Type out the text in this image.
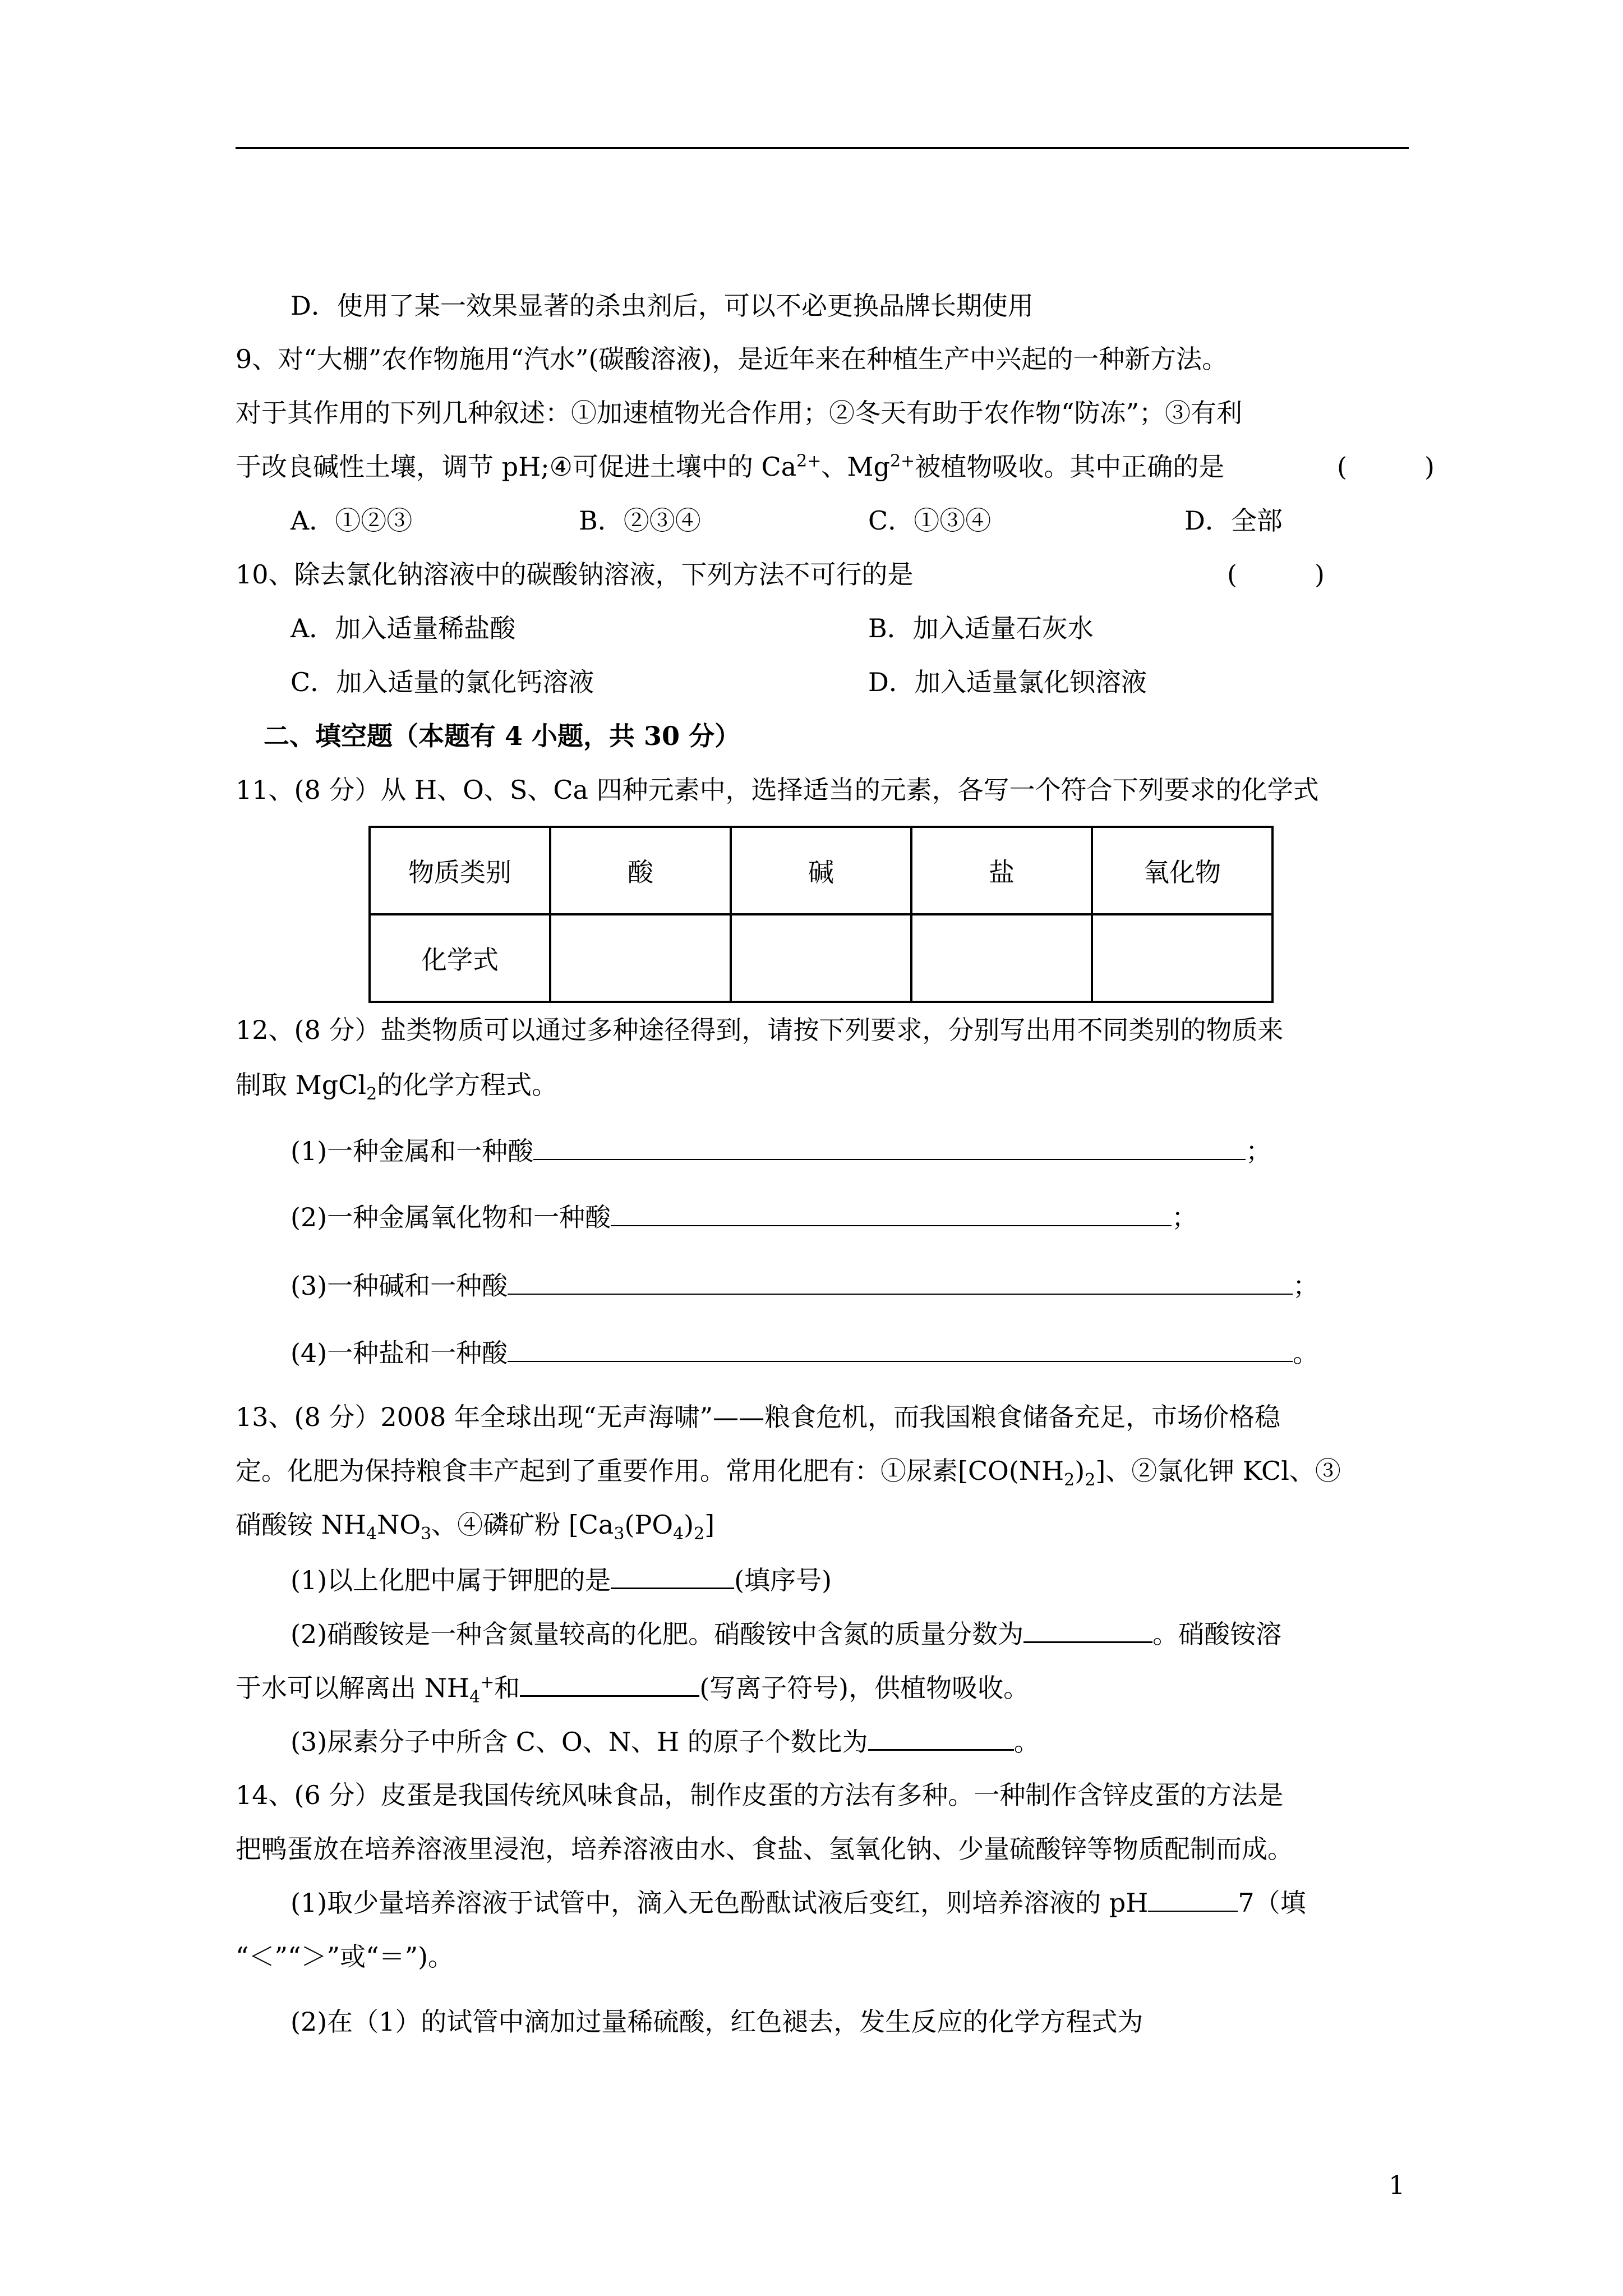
D．使用了某一效果显著的杀虫剂后，可以不必更换品牌长期使用
9、对“大棚”农作物施用“汽水”(碳酸溶液)，是近年来在种植生产中兴起的一种新方法。
对于其作用的下列几种叙述：①加速植物光合作用；②冬天有助于农作物“防冻”；③有利
于改良碱性土壤，调节 pH;④可促进土壤中的 $Ca^{2+}$、$Mg^{2+}$被植物吸收。其中正确的是	(　　　)
A．①②③	B．②③④	C．①③④	D．全部
10、除去氯化钠溶液中的碳酸钠溶液，下列方法不可行的是	(　　　)
A．加入适量稀盐酸	B．加入适量石灰水
C．加入适量的氯化钙溶液	D．加入适量氯化钡溶液
二、填空题（本题有 4 小题，共 30 分）
11、(8 分）从 H、O、S、Ca 四种元素中，选择适当的元素，各写一个符合下列要求的化学式
物质类别	酸	碱	盐	氧化物
化学式				
12、(8 分）盐类物质可以通过多种途径得到，请按下列要求，分别写出用不同类别的物质来
制取 MgCl$_2$的化学方程式。
(1)一种金属和一种酸	；
(2)一种金属氧化物和一种酸	；
(3)一种碱和一种酸	；
(4)一种盐和一种酸	。
13、(8 分）2008 年全球出现“无声海啸”——粮食危机，而我国粮食储备充足，市场价格稳
定。化肥为保持粮食丰产起到了重要作用。常用化肥有：①尿素$[CO(NH_2)_2]$、②氯化钾 KCl、③
硝酸铵 $NH_4NO_3$、④磷矿粉 $[Ca_3(PO_4)_2]$
(1)以上化肥中属于钾肥的是	(填序号)
(2)硝酸铵是一种含氮量较高的化肥。硝酸铵中含氮的质量分数为	。硝酸铵溶
于水可以解离出 $NH_4^+$和	(写离子符号)，供植物吸收。
(3)尿素分子中所含 C、O、N、H 的原子个数比为	。
14、(6 分）皮蛋是我国传统风味食品，制作皮蛋的方法有多种。一种制作含锌皮蛋的方法是
把鸭蛋放在培养溶液里浸泡，培养溶液由水、食盐、氢氧化钠、少量硫酸锌等物质配制而成。
(1)取少量培养溶液于试管中，滴入无色酚酞试液后变红，则培养溶液的 pH	7（填
“＜”“＞”或“＝”)。
(2)在（1）的试管中滴加过量稀硫酸，红色褪去，发生反应的化学方程式为
1
